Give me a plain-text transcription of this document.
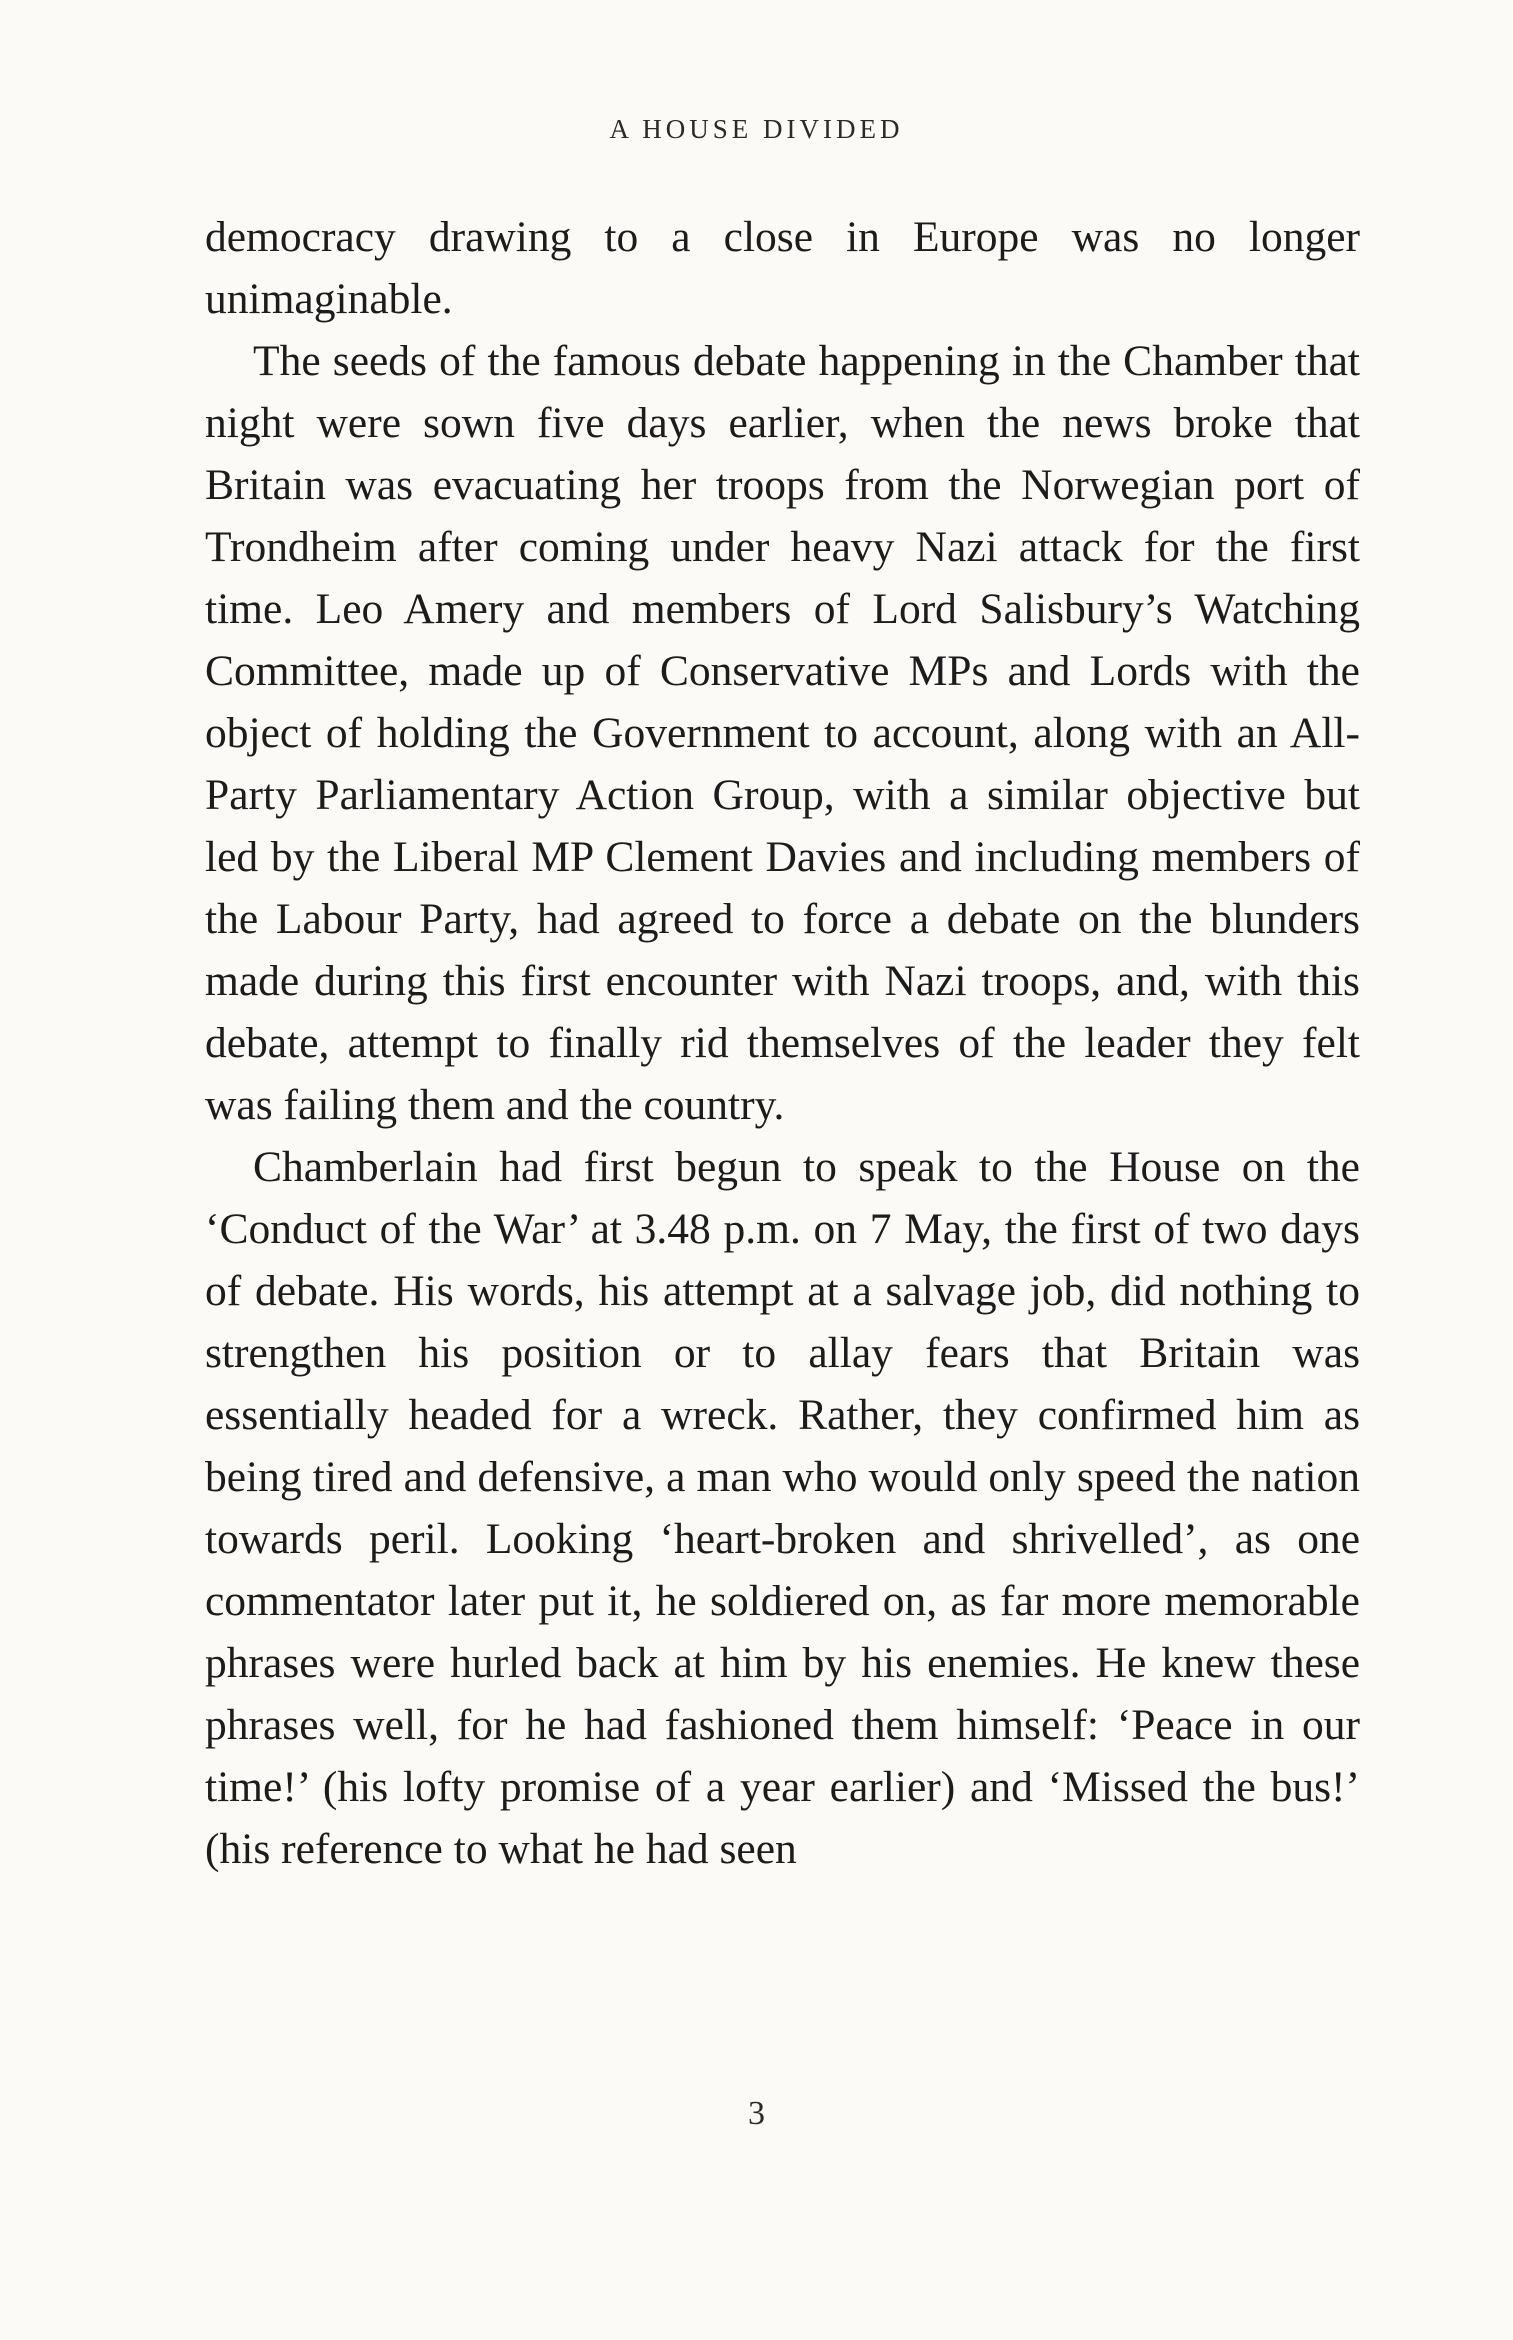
A HOUSE DIVIDED

democracy drawing to a close in Europe was no longer unimaginable.

The seeds of the famous debate happening in the Chamber that night were sown five days earlier, when the news broke that Britain was evacuating her troops from the Norwegian port of Trondheim after coming under heavy Nazi attack for the first time. Leo Amery and members of Lord Salisbury’s Watching Committee, made up of Conservative MPs and Lords with the object of holding the Government to account, along with an All-Party Parliamentary Action Group, with a similar objective but led by the Liberal MP Clement Davies and including members of the Labour Party, had agreed to force a debate on the blunders made during this first encounter with Nazi troops, and, with this debate, attempt to finally rid themselves of the leader they felt was failing them and the country.

Chamberlain had first begun to speak to the House on the ‘Conduct of the War’ at 3.48 p.m. on 7 May, the first of two days of debate. His words, his attempt at a salvage job, did nothing to strengthen his position or to allay fears that Britain was essentially headed for a wreck. Rather, they confirmed him as being tired and defensive, a man who would only speed the nation towards peril. Looking ‘heart-broken and shrivelled’, as one commentator later put it, he soldiered on, as far more memorable phrases were hurled back at him by his enemies. He knew these phrases well, for he had fashioned them himself: ‘Peace in our time!’ (his lofty promise of a year earlier) and ‘Missed the bus!’ (his reference to what he had seen

3
